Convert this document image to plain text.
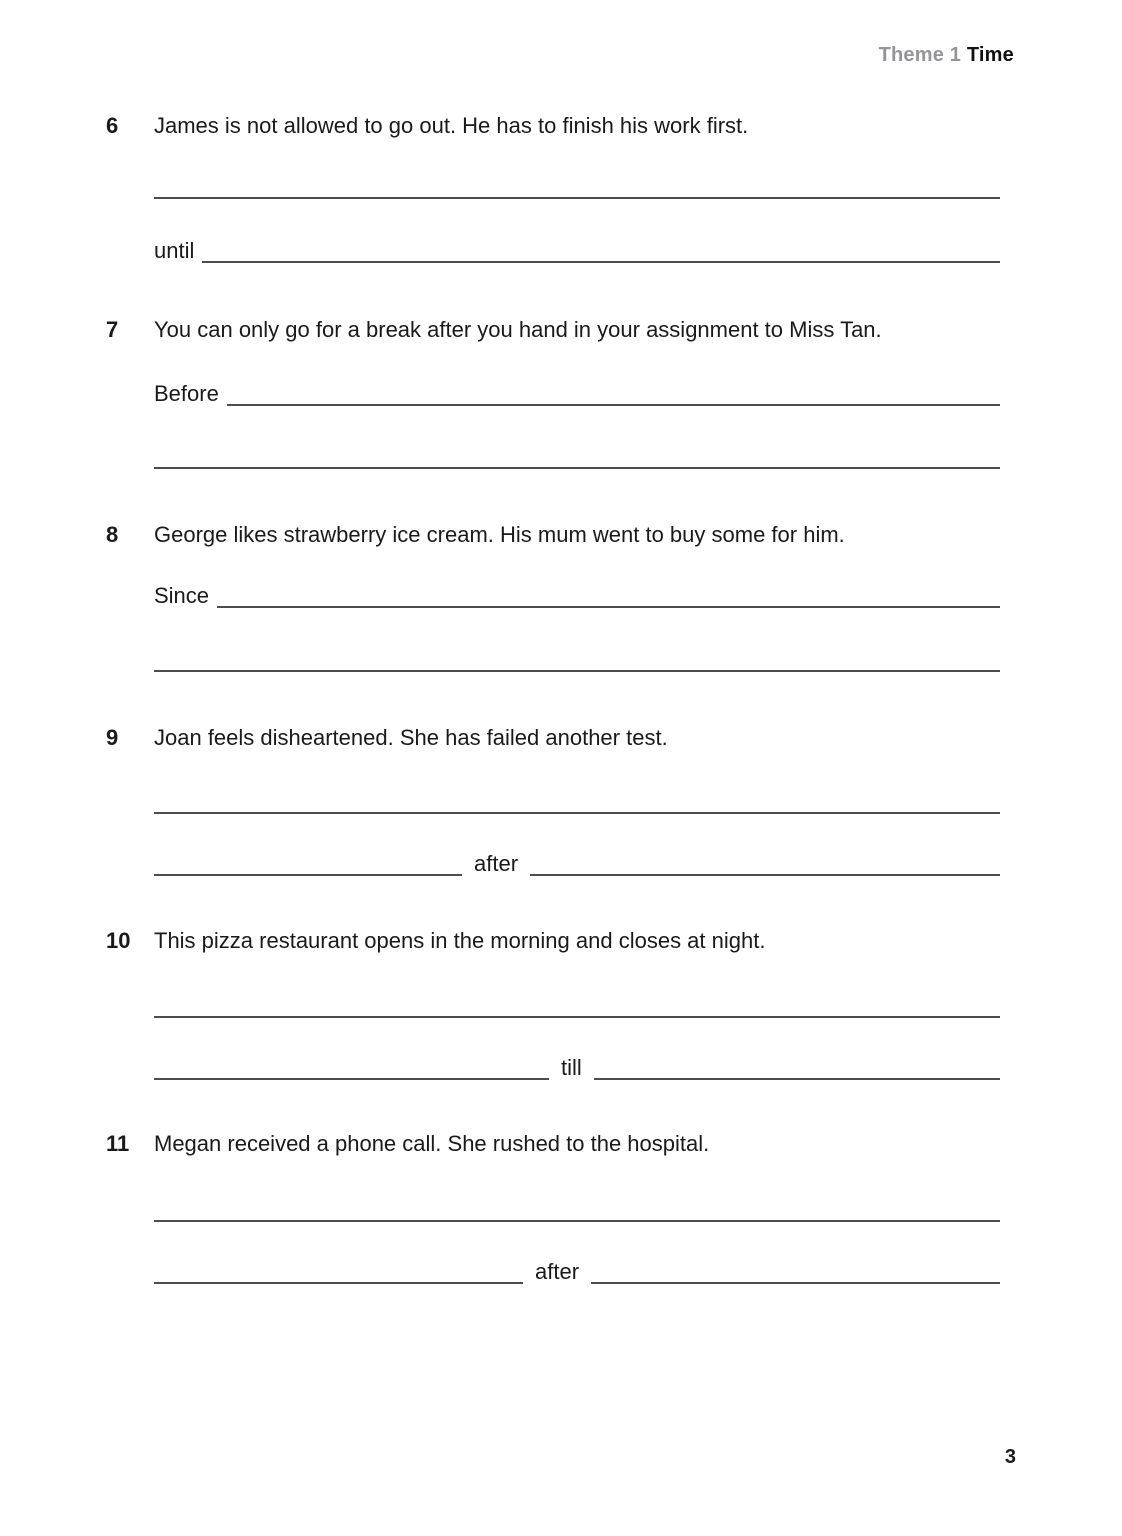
Theme 1 Time
6	James is not allowed to go out. He has to finish his work first.
until
7	You can only go for a break after you hand in your assignment to Miss Tan.
Before
8	George likes strawberry ice cream. His mum went to buy some for him.
Since
9	Joan feels disheartened. She has failed another test.
after
10	This pizza restaurant opens in the morning and closes at night.
till
11	Megan received a phone call. She rushed to the hospital.
after
3
